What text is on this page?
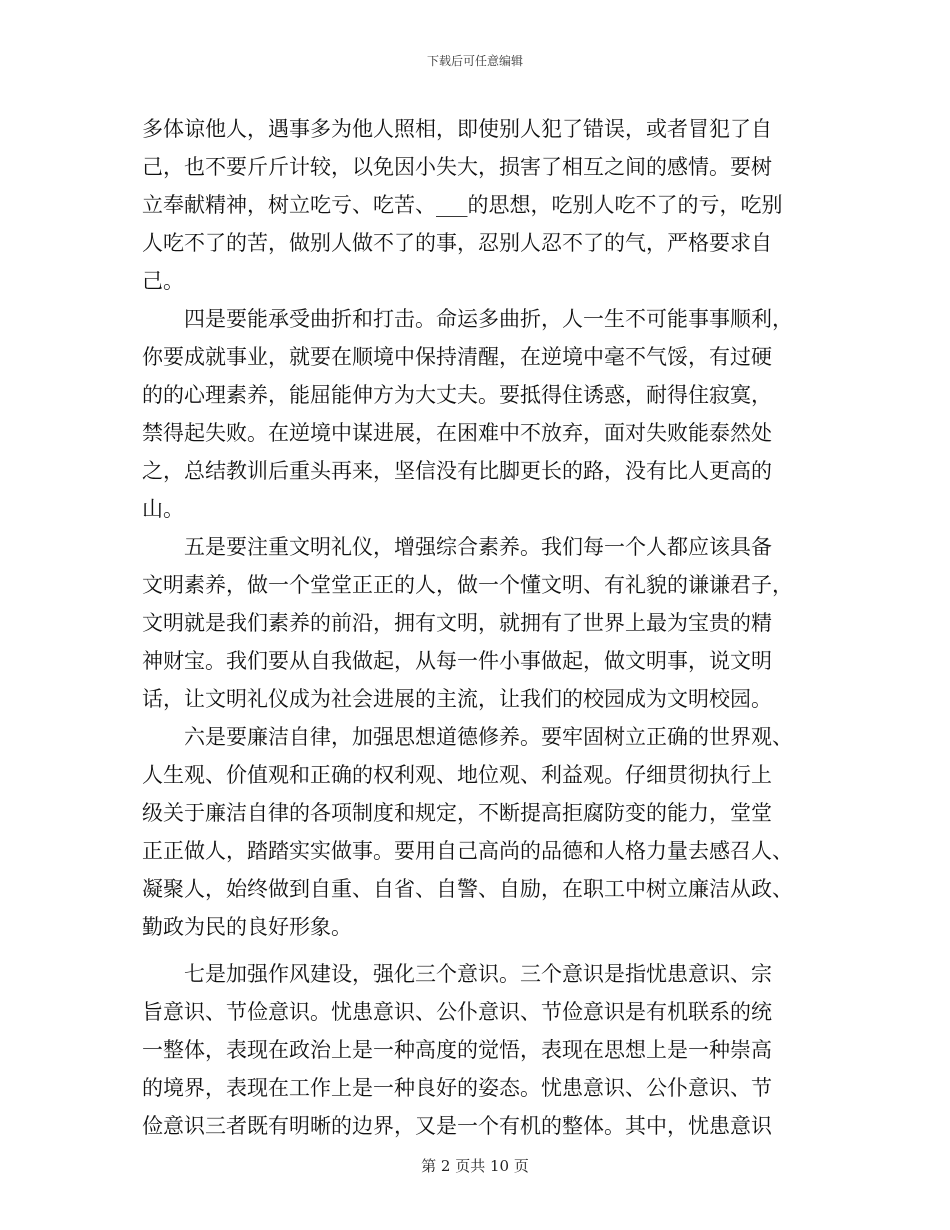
下载后可任意编辑
多体谅他人，遇事多为他人照相，即使别人犯了错误，或者冒犯了自
己，也不要斤斤计较，以免因小失大，损害了相互之间的感情。要树
立奉献精神，树立吃亏、吃苦、___的思想，吃别人吃不了的亏，吃别
人吃不了的苦，做别人做不了的事，忍别人忍不了的气，严格要求自
己。
　　四是要能承受曲折和打击。命运多曲折，人一生不可能事事顺利，
你要成就事业，就要在顺境中保持清醒，在逆境中毫不气馁，有过硬
的的心理素养，能屈能伸方为大丈夫。要抵得住诱惑，耐得住寂寞，
禁得起失败。在逆境中谋进展，在困难中不放弃，面对失败能泰然处
之，总结教训后重头再来，坚信没有比脚更长的路，没有比人更高的
山。
　　五是要注重文明礼仪，增强综合素养。我们每一个人都应该具备
文明素养，做一个堂堂正正的人，做一个懂文明、有礼貌的谦谦君子，
文明就是我们素养的前沿，拥有文明，就拥有了世界上最为宝贵的精
神财宝。我们要从自我做起，从每一件小事做起，做文明事，说文明
话，让文明礼仪成为社会进展的主流，让我们的校园成为文明校园。
　　六是要廉洁自律，加强思想道德修养。要牢固树立正确的世界观、
人生观、价值观和正确的权利观、地位观、利益观。仔细贯彻执行上
级关于廉洁自律的各项制度和规定，不断提高拒腐防变的能力，堂堂
正正做人，踏踏实实做事。要用自己高尚的品德和人格力量去感召人、
凝聚人，始终做到自重、自省、自警、自励，在职工中树立廉洁从政、
勤政为民的良好形象。
　　七是加强作风建设，强化三个意识。三个意识是指忧患意识、宗
旨意识、节俭意识。忧患意识、公仆意识、节俭意识是有机联系的统
一整体，表现在政治上是一种高度的觉悟，表现在思想上是一种崇高
的境界，表现在工作上是一种良好的姿态。忧患意识、公仆意识、节
俭意识三者既有明晰的边界，又是一个有机的整体。其中，忧患意识
第 2 页共 10 页
